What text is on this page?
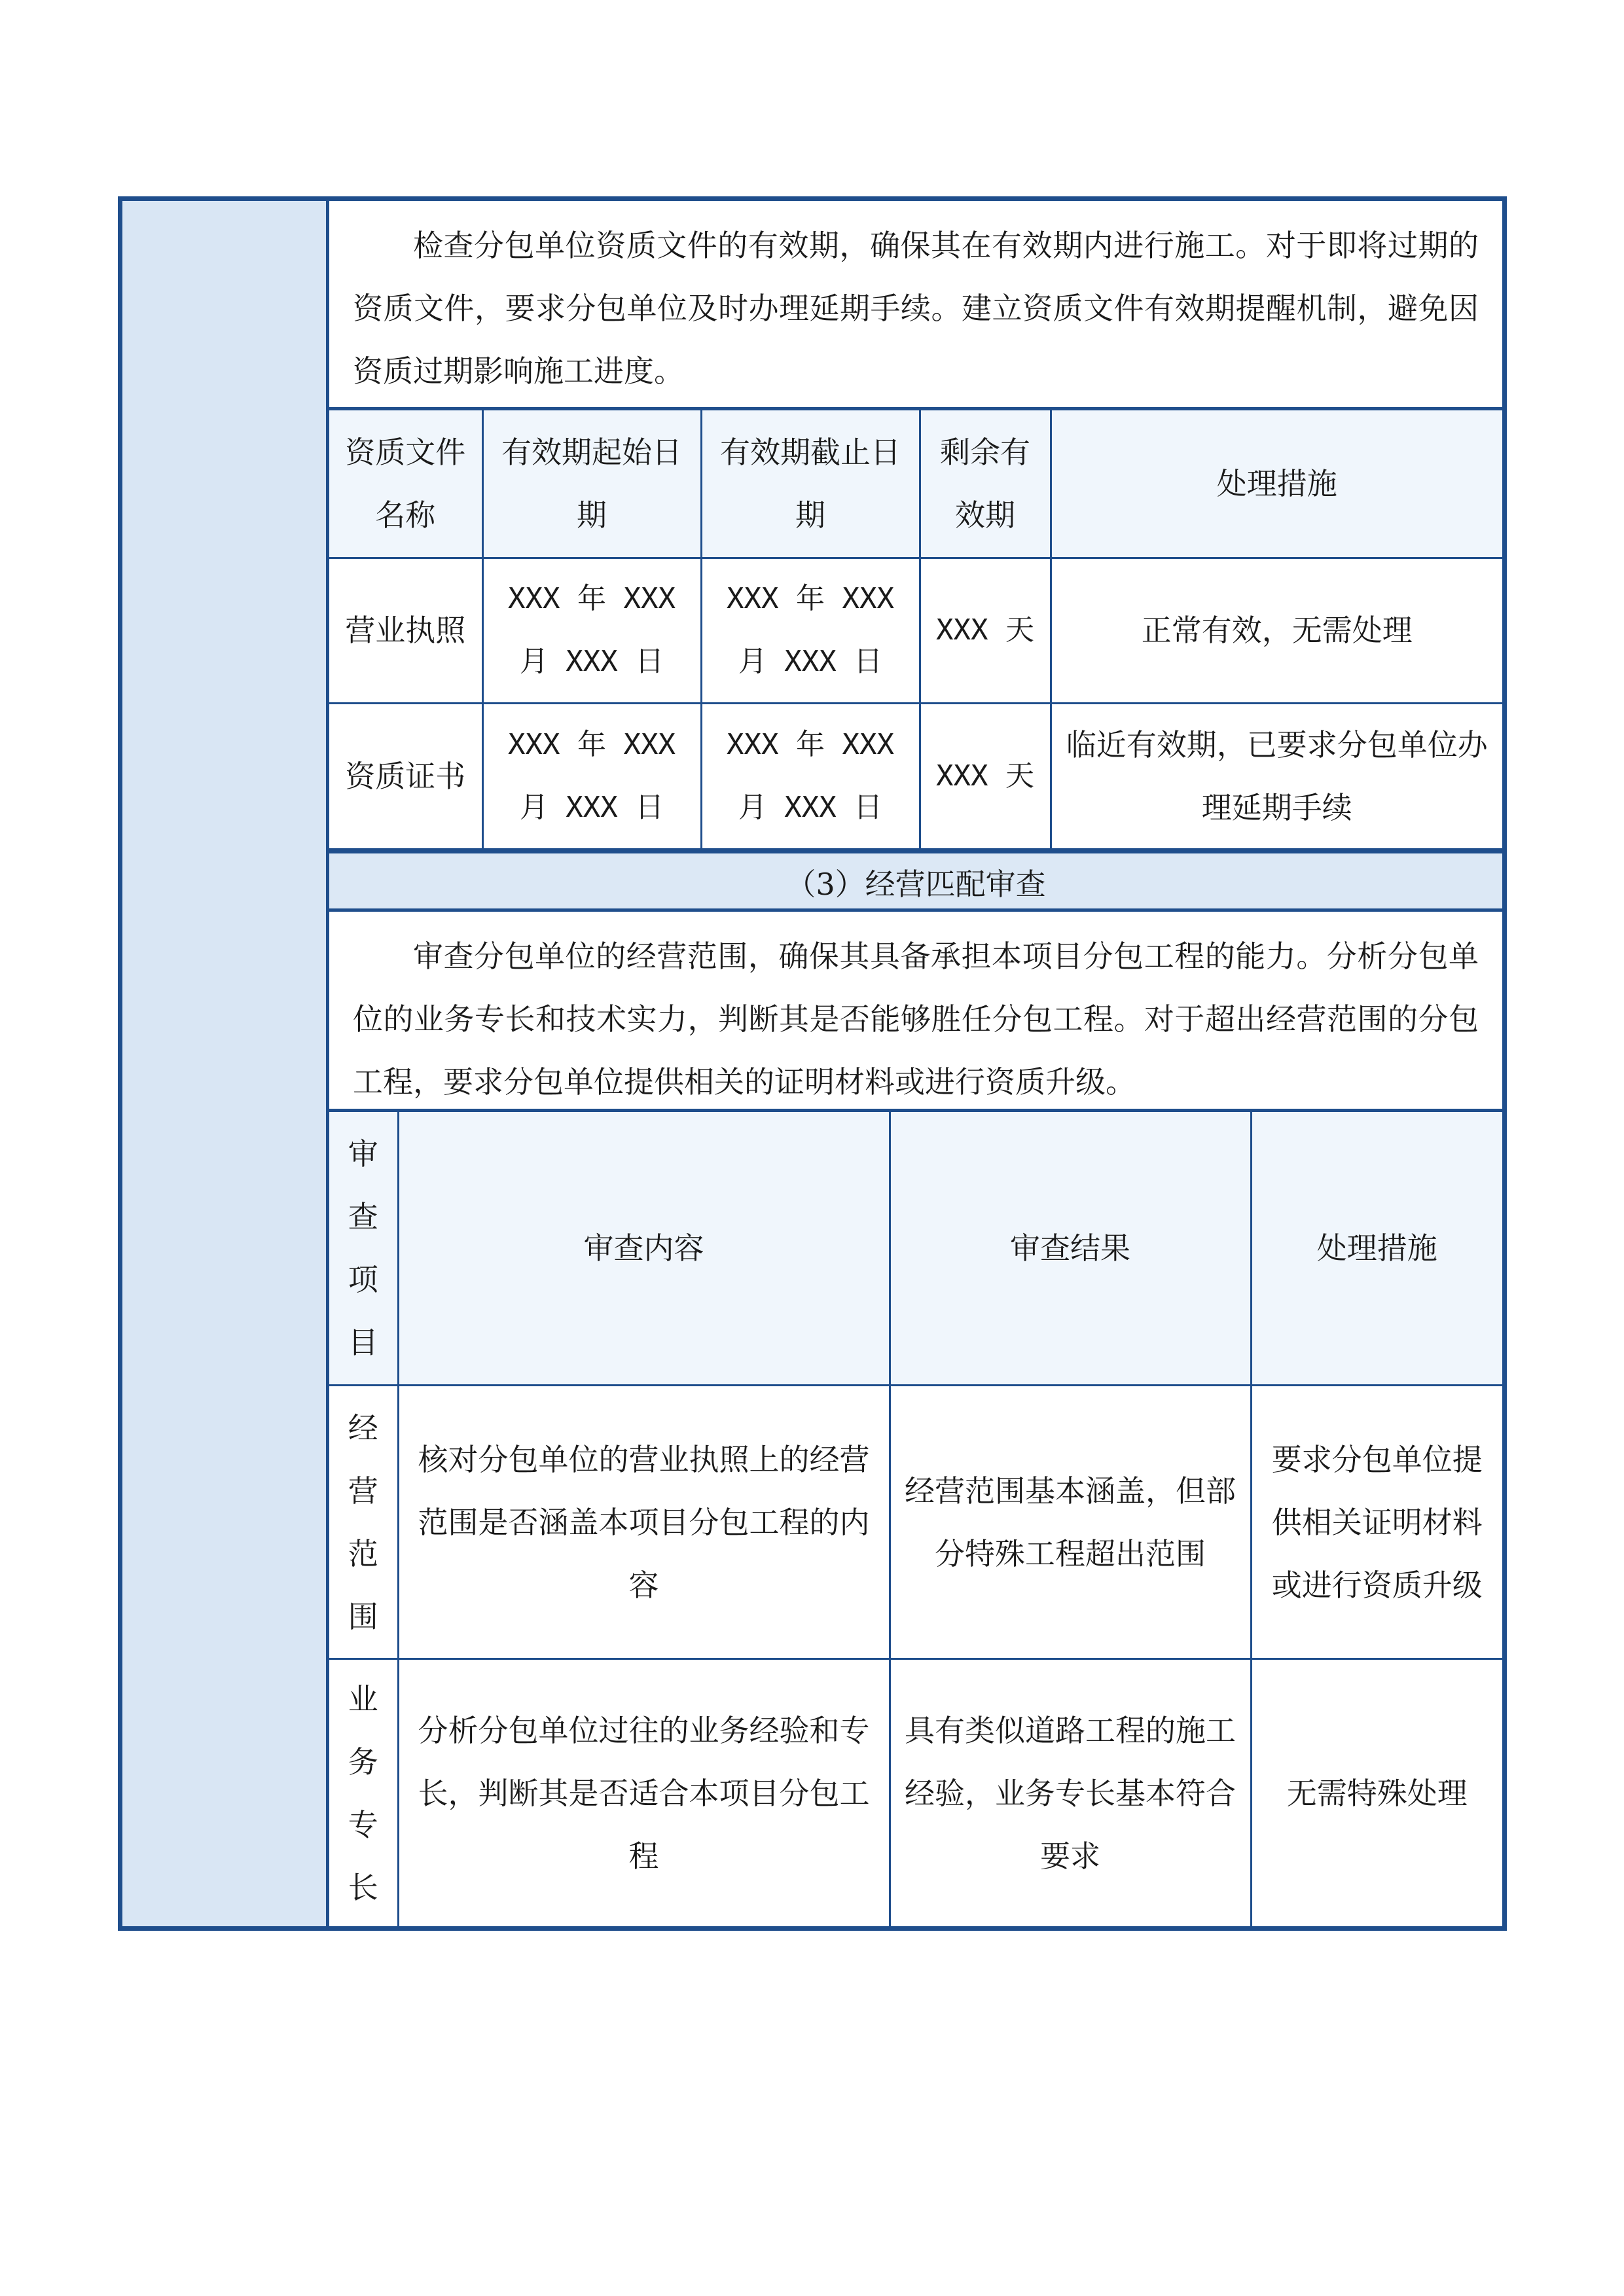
检查分包单位资质文件的有效期，确保其在有效期内进行施工。对于即将过期的资质文件，要求分包单位及时办理延期手续。建立资质文件有效期提醒机制，避免因资质过期影响施工进度。
资质文件名称	有效期起始日期	有效期截止日期	剩余有效期	处理措施
营业执照	XXX 年 XXX 月 XXX 日	XXX 年 XXX 月 XXX 日	XXX 天	正常有效，无需处理
资质证书	XXX 年 XXX 月 XXX 日	XXX 年 XXX 月 XXX 日	XXX 天	临近有效期，已要求分包单位办理延期手续
（3）经营匹配审查
审查分包单位的经营范围，确保其具备承担本项目分包工程的能力。分析分包单位的业务专长和技术实力，判断其是否能够胜任分包工程。对于超出经营范围的分包工程，要求分包单位提供相关的证明材料或进行资质升级。
审查项目	审查内容	审查结果	处理措施

经营范围	核对分包单位的营业执照上的经营范围是否涵盖本项目分包工程的内容	经营范围基本涵盖，但部分特殊工程超出范围	要求分包单位提供相关证明材料或进行资质升级

业务专长	分析分包单位过往的业务经验和专长，判断其是否适合本项目分包工程	具有类似道路工程的施工经验，业务专长基本符合要求	无需特殊处理
